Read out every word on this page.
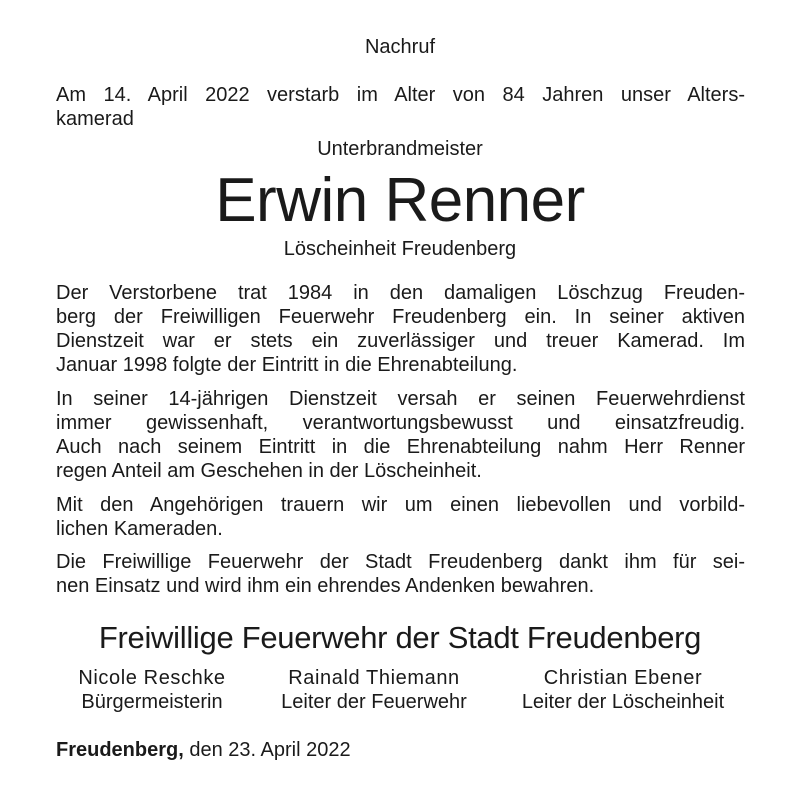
Nachruf
Am 14. April 2022 verstarb im Alter von 84 Jahren unser Alters-
kamerad
Unterbrandmeister
Erwin Renner
Löscheinheit Freudenberg
Der Verstorbene trat 1984 in den damaligen Löschzug Freuden-
berg der Freiwilligen Feuerwehr Freudenberg ein. In seiner aktiven
Dienstzeit war er stets ein zuverlässiger und treuer Kamerad. Im
Januar 1998 folgte der Eintritt in die Ehrenabteilung.
In seiner 14-jährigen Dienstzeit versah er seinen Feuerwehrdienst
immer gewissenhaft, verantwortungsbewusst und einsatzfreudig.
Auch nach seinem Eintritt in die Ehrenabteilung nahm Herr Renner
regen Anteil am Geschehen in der Löscheinheit.
Mit den Angehörigen trauern wir um einen liebevollen und vorbild-
lichen Kameraden.
Die Freiwillige Feuerwehr der Stadt Freudenberg dankt ihm für sei-
nen Einsatz und wird ihm ein ehrendes Andenken bewahren.
Freiwillige Feuerwehr der Stadt Freudenberg
Nicole Reschke
Bürgermeisterin
Rainald Thiemann
Leiter der Feuerwehr
Christian Ebener
Leiter der Löscheinheit
Freudenberg, den 23. April 2022
